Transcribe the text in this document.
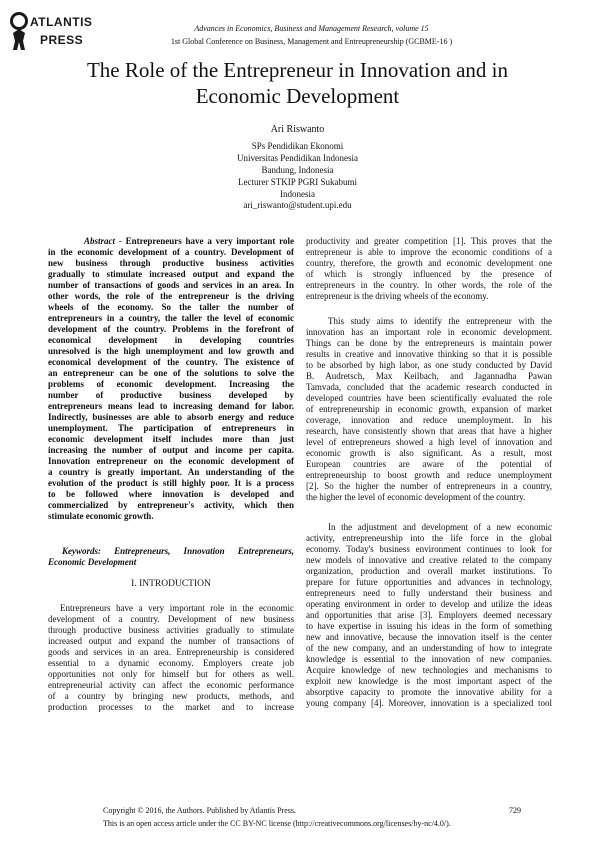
ATLANTIS
PRESS
Advances in Economics, Business and Management Research, volume 15
1st Global Conference on Business, Management and Entreupreneurship (GCBME-16 )
The Role of the Entrepreneur in Innovation and in
Economic Development
Ari Riswanto
SPs Pendidikan Ekonomi
Universitas Pendidikan Indonesia
Bandung, Indonesia
Lecturer STKIP PGRI Sukabumi
Indonesia
ari_riswanto@student.upi.edu
Abstract - Entrepreneurs have a very important role
in the economic development of a country. Development of
new business through productive business activities
gradually to stimulate increased output and expand the
number of transactions of goods and services in an area. In
other words, the role of the entrepreneur is the driving
wheels of the economy. So the taller the number of
entrepreneurs in a country, the taller the level of economic
development of the country. Problems in the forefront of
economical development in developing countries
unresolved is the high unemployment and low growth and
economical development of the country. The existence of
an entrepreneur can be one of the solutions to solve the
problems of economic development. Increasing the
number of productive business developed by
entrepreneurs means lead to increasing demand for labor.
Indirectly, businesses are able to absorb energy and reduce
unemployment. The participation of entrepreneurs in
economic development itself includes more than just
increasing the number of output and income per capita.
Innovation entrepreneur on the economic development of
a country is greatly important. An understanding of the
evolution of the product is still highly poor. It is a process
to be followed where innovation is developed and
commercialized by entrepreneur's activity, which then
stimulate economic growth.
Keywords: Entrepreneurs, Innovation Entrepreneurs,
Economic Development
I. INTRODUCTION
Entrepreneurs have a very important role in the economic
development of a country. Development of new business
through productive business activities gradually to stimulate
increased output and expand the number of transactions of
goods and services in an area. Entrepreneurship is considered
essential to a dynamic economy. Employers create job
opportunities not only for himself but for others as well.
entrepreneurial activity can affect the economic performance
of a country by bringing new products, methods, and
production processes to the market and to increase
productivity and greater competition [1]. This proves that the
entrepreneur is able to improve the economic conditions of a
country, therefore, the growth and economic development one
of which is strongly influenced by the presence of
entrepreneurs in the country. In other words, the role of the
entrepreneur is the driving wheels of the economy.
This study aims to identify the entrepreneur with the
innovation has an important role in economic development.
Things can be done by the entrepreneurs is maintain power
results in creative and innovative thinking so that it is possible
to be absorbed by high labor, as one study conducted by David
B. Audretsch, Max Keilbach, and Jagannadha Pawan
Tamvada, concluded that the academic research conducted in
developed countries have been scientifically evaluated the role
of entrepreneurship in economic growth, expansion of market
coverage, innovation and reduce unemployment. In his
research, have consistently shown that areas that have a higher
level of entrepreneurs showed a high level of innovation and
economic growth is also significant. As a result, most
European countries are aware of the potential of
entrepreneurship to boost growth and reduce unemployment
[2]. So the higher the number of entrepreneurs in a country,
the higher the level of economic development of the country.
In the adjustment and development of a new economic
activity, entrepreneurship into the life force in the global
economy. Today's business environment continues to look for
new models of innovative and creative related to the company
organization, production and overall market institutions. To
prepare for future opportunities and advances in technology,
entrepreneurs need to fully understand their business and
operating environment in order to develop and utilize the ideas
and opportunities that arise [3]. Employers deemed necessary
to have expertise in issuing his ideas in the form of something
new and innovative, because the innovation itself is the center
of the new company, and an understanding of how to integrate
knowledge is essential to the innovation of new companies.
Acquire knowledge of new technologies and mechanisms to
exploit new knowledge is the most important aspect of the
absorptive capacity to promote the innovative ability for a
young company [4]. Moreover, innovation is a specialized tool
Copyright © 2016, the Authors. Published by Atlantis Press.
This is an open access article under the CC BY-NC license (http://creativecommons.org/licenses/by-nc/4.0/).
729
